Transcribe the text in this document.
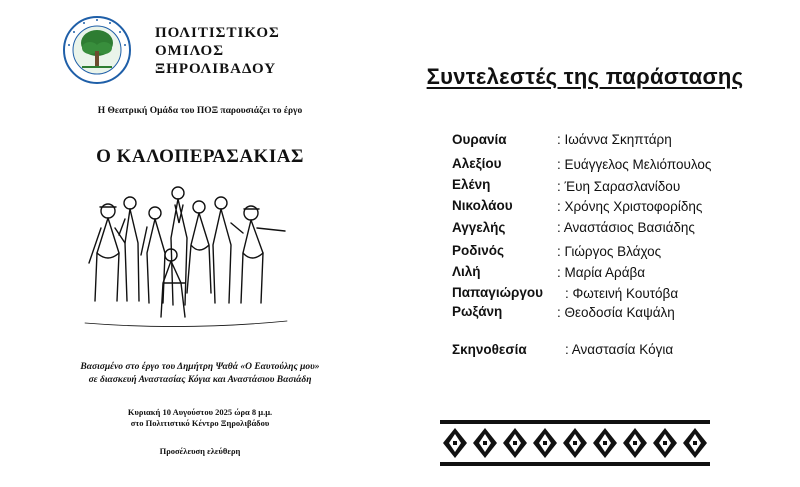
ΠΟΛΙΤΙΣΤΙΚΟΣ
ΟΜΙΛΟΣ
ΞΗΡΟΛΙΒΑΔΟΥ
Η Θεατρική Ομάδα του ΠΟΞ παρουσιάζει το έργο
Ο ΚΑΛΟΠΕΡΑΣΑΚΙΑΣ
Βασισμένο στο έργο του Δημήτρη Ψαθά «Ο Εαυτούλης μου»
σε διασκευή Αναστασίας Κόγια και Αναστάσιου Βασιάδη
Κυριακή 10 Αυγούστου 2025 ώρα 8 μ.μ.
στο Πολιτιστικό Κέντρο Ξηρολιβάδου
Προσέλευση ελεύθερη
Συντελεστές της παράστασης
Ουρανία	: Ιωάννα Σκηπτάρη
Αλεξίου	: Ευάγγελος Μελιόπουλος
Ελένη	: Έυη Σαρασλανίδου
Νικολάου	: Χρόνης Χριστοφορίδης
Αγγελής	: Αναστάσιος Βασιάδης
Ροδινός	: Γιώργος Βλάχος
Λιλή	: Μαρία Αράβα
Παπαγιώργου : Φωτεινή Κουτόβα
Ρωξάνη	: Θεοδοσία Καψάλη
Σκηνοθεσία	: Αναστασία Κόγια
